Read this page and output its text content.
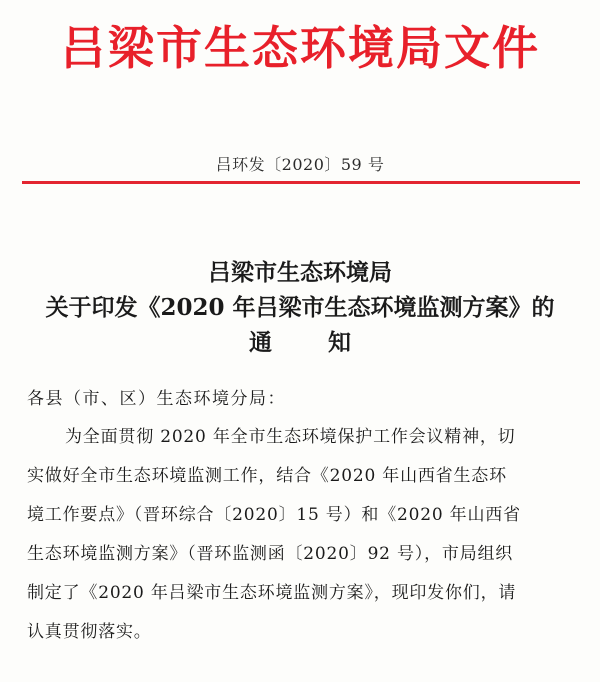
吕梁市生态环境局文件
吕环发〔2020〕59 号
吕梁市生态环境局
关于印发《2020 年吕梁市生态环境监测方案》的
通知
各县（市、区）生态环境分局：
为全面贯彻 2020 年全市生态环境保护工作会议精神，切
实做好全市生态环境监测工作，结合《2020 年山西省生态环
境工作要点》（晋环综合〔2020〕15 号）和《2020 年山西省
生态环境监测方案》（晋环监测函〔2020〕92 号），市局组织
制定了《2020 年吕梁市生态环境监测方案》，现印发你们，请
认真贯彻落实。
